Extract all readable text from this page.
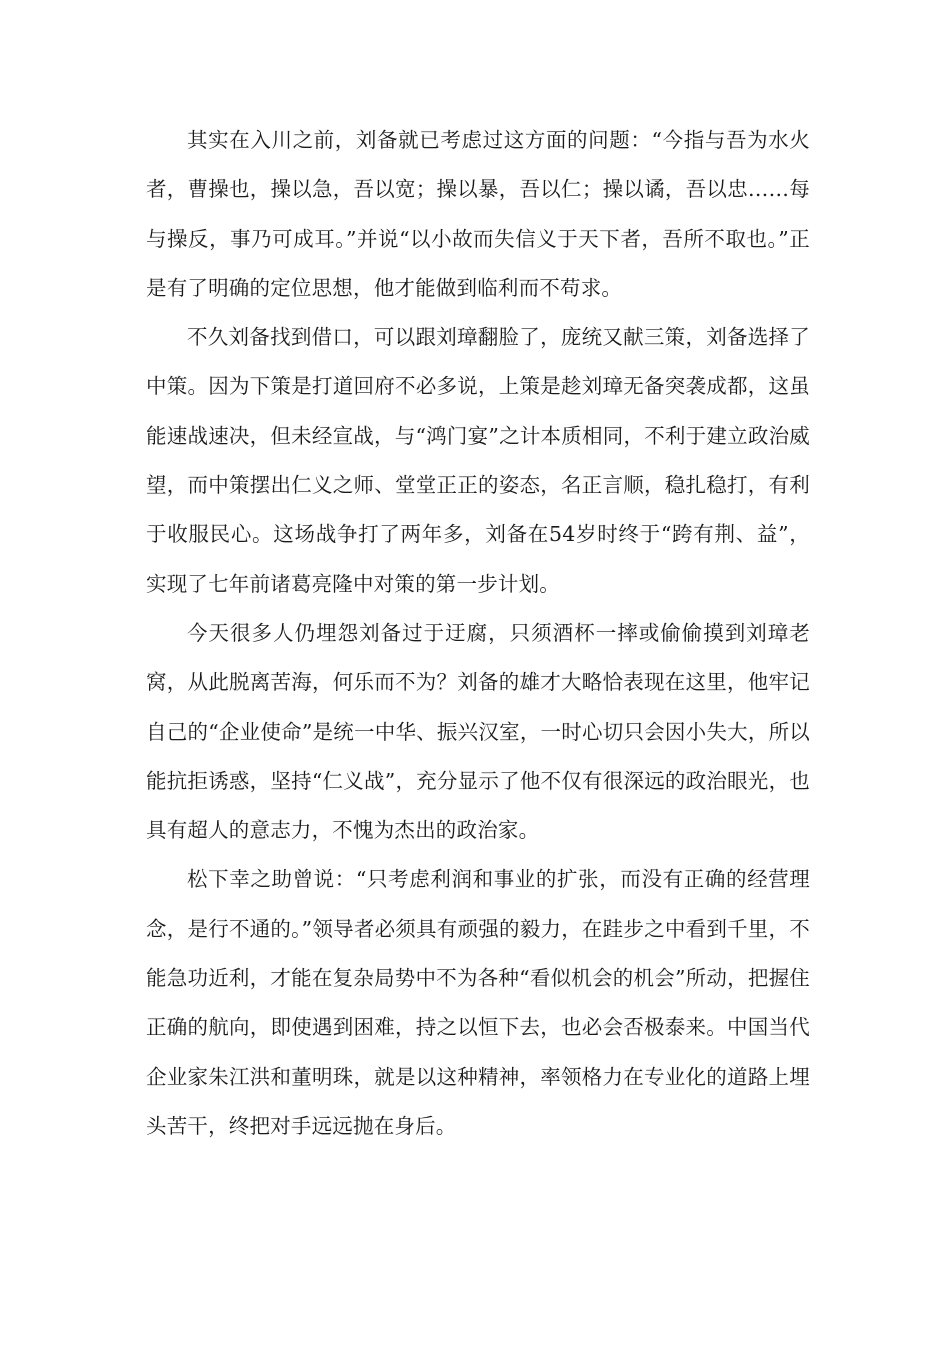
其实在入川之前，刘备就已考虑过这方面的问题：“今指与吾为水火者，曹操也，操以急，吾以宽；操以暴，吾以仁；操以谲，吾以忠……每与操反，事乃可成耳。”并说“以小故而失信义于天下者，吾所不取也。”正是有了明确的定位思想，他才能做到临利而不苟求。

不久刘备找到借口，可以跟刘璋翻脸了，庞统又献三策，刘备选择了中策。因为下策是打道回府不必多说，上策是趁刘璋无备突袭成都，这虽能速战速决，但未经宣战，与“鸿门宴”之计本质相同，不利于建立政治威望，而中策摆出仁义之师、堂堂正正的姿态，名正言顺，稳扎稳打，有利于收服民心。这场战争打了两年多，刘备在54岁时终于“跨有荆、益”，实现了七年前诸葛亮隆中对策的第一步计划。

今天很多人仍埋怨刘备过于迂腐，只须酒杯一摔或偷偷摸到刘璋老窝，从此脱离苦海，何乐而不为？刘备的雄才大略恰表现在这里，他牢记自己的“企业使命”是统一中华、振兴汉室，一时心切只会因小失大，所以能抗拒诱惑，坚持“仁义战”，充分显示了他不仅有很深远的政治眼光，也具有超人的意志力，不愧为杰出的政治家。

松下幸之助曾说：“只考虑利润和事业的扩张，而没有正确的经营理念，是行不通的。”领导者必须具有顽强的毅力，在跬步之中看到千里，不能急功近利，才能在复杂局势中不为各种“看似机会的机会”所动，把握住正确的航向，即使遇到困难，持之以恒下去，也必会否极泰来。中国当代企业家朱江洪和董明珠，就是以这种精神，率领格力在专业化的道路上埋头苦干，终把对手远远抛在身后。
